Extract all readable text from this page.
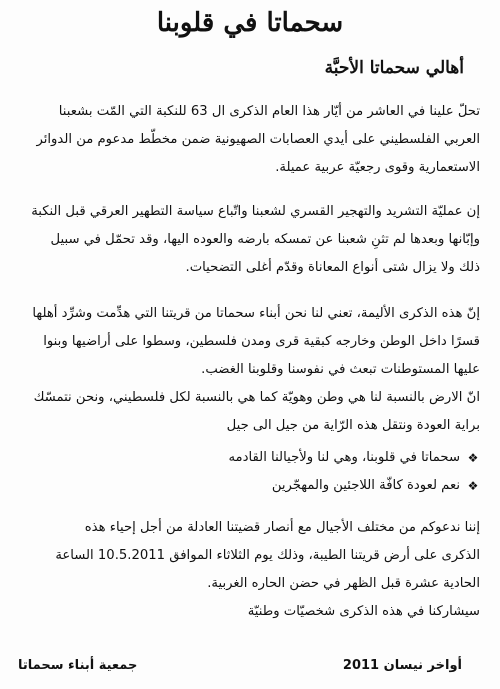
سحماتا في قلوبنا
أهالي سحماتا الأحبَّة
تحلّ علينا في العاشر من أيّار هذا العام الذكرى ال 63 للنكبة التي المّت بشعبنا
العربي الفلسطيني على أيدي العصابات الصهيونية ضمن مخطّط مدعوم من الدوائر
الاستعمارية وقوى رجعيّة عربية عميلة.
إن عمليّة التشريد والتهجير القسري لشعبنا واتّباع سياسة التطهير العرقي قبل النكبة
وإبّانها وبعدها لم تثنِ شعبنا عن تمسكه بارضه والعوده اليها، وقد تحمّل في سبيل
ذلك ولا يزال شتى أنواع المعاناة وقدّم أغلى التضحيات.
إنّ هذه الذكرى الأليمة، تعني لنا نحن أبناء سحماتا من قريتنا التي هدِّمت وشرِّد أهلها
قسرًا داخل الوطن وخارجه كبقية قرى ومدن فلسطين، وسطوا على أراضيها وبنوا
عليها المستوطنات تبعث في نفوسنا وقلوبنا الغضب.
انّ الارض بالنسبة لنا هي وطن وهويّة كما هي بالنسبة لكل فلسطيني، ونحن نتمسّك
براية العودة ونتقل هذه الرّاية من جيل الى جيل
❖
سحماتا في قلوبنا، وهي لنا ولأجيالنا القادمه
❖
نعم لعودة كافّة اللاجئين والمهجّرين
إننا ندعوكم من مختلف الأجيال مع أنصار قضيتنا العادلة من أجل إحياء هذه
الذكرى على أرض قريتنا الطيبة، وذلك يوم الثلاثاء الموافق 10.5.2011 الساعة
الحادية عشرة قبل الظهر في حضن الحاره الغربية.
سيشاركنا في هذه الذكرى شخصيّات وطنيّة
أواخر نيسان 2011
جمعية أبناء سحماتا
